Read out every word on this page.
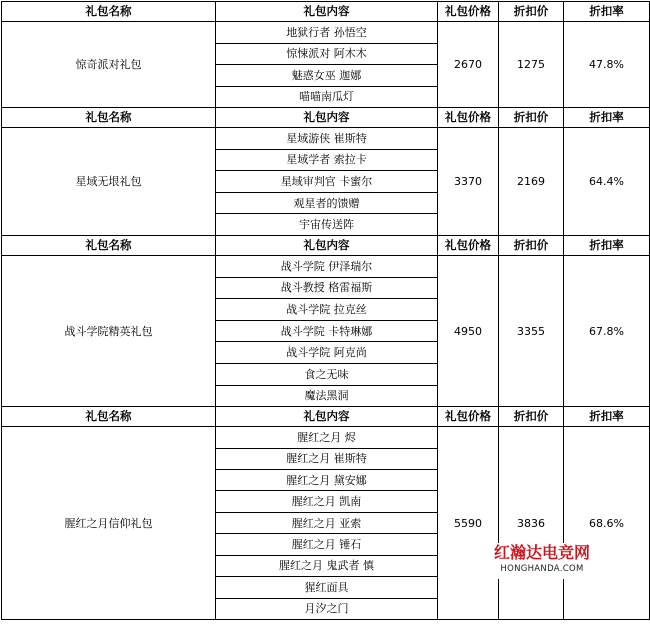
礼包名称	礼包内容	礼包价格	折扣价	折扣率
惊奇派对礼包	地狱行者 孙悟空	2670	1275	47.8%
	惊悚派对 阿木木			
	魅惑女巫 迦娜			
	喵喵南瓜灯			
礼包名称	礼包内容	礼包价格	折扣价	折扣率
星域无垠礼包	星域游侠 崔斯特	3370	2169	64.4%
	星域学者 索拉卡			
	星域审判官 卡蜜尔			
	观星者的馈赠			
	宇宙传送阵			
礼包名称	礼包内容	礼包价格	折扣价	折扣率
战斗学院精英礼包	战斗学院 伊泽瑞尔	4950	3355	67.8%
	战斗教授 格雷福斯			
	战斗学院 拉克丝			
	战斗学院 卡特琳娜			
	战斗学院 阿克尚			
	食之无味			
	魔法黑洞			
礼包名称	礼包内容	礼包价格	折扣价	折扣率
腥红之月信仰礼包	腥红之月 烬	5590	3836	68.6%
	腥红之月 崔斯特			
	腥红之月 黛安娜			
	腥红之月 凯南			
	腥红之月 亚索			
	腥红之月 锤石			
	腥红之月 鬼武者 慎			
	猩红面具			
	月汐之门			
红瀚达电竞网
HONGHANDA.COM
